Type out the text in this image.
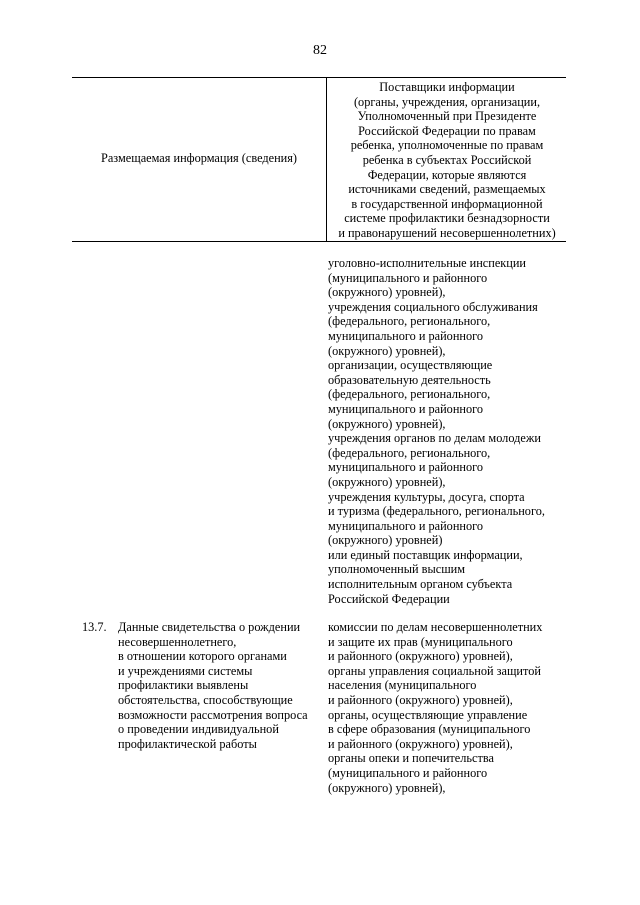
82
Размещаемая информация (сведения)
Поставщики информации
(органы, учреждения, организации,
Уполномоченный при Президенте
Российской Федерации по правам
ребенка, уполномоченные по правам
ребенка в субъектах Российской
Федерации, которые являются
источниками сведений, размещаемых
в государственной информационной
системе профилактики безнадзорности
и правонарушений несовершеннолетних)
уголовно-исполнительные инспекции
(муниципального и районного
(окружного) уровней),
учреждения социального обслуживания
(федерального, регионального,
муниципального и районного
(окружного) уровней),
организации, осуществляющие
образовательную деятельность
(федерального, регионального,
муниципального и районного
(окружного) уровней),
учреждения органов по делам молодежи
(федерального, регионального,
муниципального и районного
(окружного) уровней),
учреждения культуры, досуга, спорта
и туризма (федерального, регионального,
муниципального и районного
(окружного) уровней)
или единый поставщик информации,
уполномоченный высшим
исполнительным органом субъекта
Российской Федерации
13.7. Данные свидетельства о рождении
несовершеннолетнего,
в отношении которого органами
и учреждениями системы
профилактики выявлены
обстоятельства, способствующие
возможности рассмотрения вопроса
о проведении индивидуальной
профилактической работы
комиссии по делам несовершеннолетних
и защите их прав (муниципального
и районного (окружного) уровней),
органы управления социальной защитой
населения (муниципального
и районного (окружного) уровней),
органы, осуществляющие управление
в сфере образования (муниципального
и районного (окружного) уровней),
органы опеки и попечительства
(муниципального и районного
(окружного) уровней),
